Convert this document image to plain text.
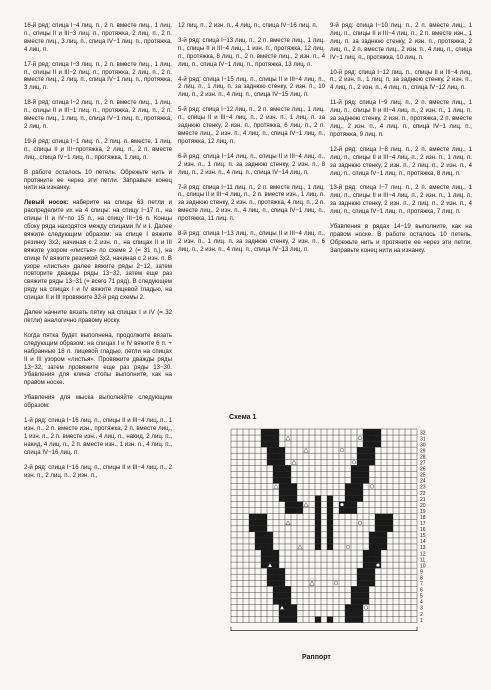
16-й ряд: спица I−4 лиц. п., 2 п. вместе лиц., 1 лиц. п., спицы II и III−3 лиц. п., протяжка, 2 лиц. п., 2 п. вместе лиц., 3 лиц. п., спица IV−1 лиц. п., протяжка, 4 лиц. п.

17-й ряд: спица I−3 лиц. п., 2 п. вместе лиц., 1 лиц. п., спицы II и III−2 лиц. п., протяжка, 2 лиц. п., 2 п. вместе лиц., 2 лиц. п., спица IV−1 лиц. п., протяжка, 3 лиц. п.

18-й ряд: спица I−2 лиц. п., 2 п. вместе лиц., 1 лиц. п., спицы II и III−1 лиц. п., протяжка, 2 лиц. п., 2 п. вместе лиц., 1 лиц. п., спица IV−1 лиц. п., протяжка, 2 лиц. п.

19-й ряд: спица I−1 лиц. п., 2 лиц. п. вместе, 1 лиц. п., спицы II и III−протяжка, 2 лиц. п., 2 п. вместе лиц., спица IV−1 лиц. п., протяжка, 1 лиц. п.

В работе осталось 10 петель. Обрежьте нить и протяните ее через эти петли. Заправьте конец нити на изнанку.

Левый носок: наберите на спицы 63 петли и распределите их на 4 спицы: на спицу I−17 п., на спицы II и IV−по 15 п., на спицу III−16 п. Концы сбоку ряда находятся между спицами IV и I. Далее вяжите следующим образом: на спице I вяжите резинку 3х2, начиная с 2 изн. п., на спицах II и III вяжите узором «листья» по схеме 2 (= 31 п.), на спице IV вяжите резинкой 3х2, начиная с 2 изн. п. В узоре «листья» далее вяжите ряды 2−12, затем повторите дважды ряды 13−32, затем еще раз свяжите ряды 13−31 (= всего 71 ряд). В следующем ряду на спицах I и IV вяжите лицевой гладью, на спицах II и III провяжите 32-й ряд схемы 2.

Далее начните вязать пятку на спицах I и IV (= 32 петли) аналогично правому носку.

Когда пятка будет выполнена, продолжите вязать следующим образом: на спицах I и IV вяжите 6 п. + набранные 18 п. лицевой гладью, петли на спицах II и III узором «листья». Провяжите дважды ряды 13−32, затем провяжите еще раз ряды 13−30. Убавления для клина стопы выполните, как на правом носке.

Убавления для мыска выполняйте следующим образом:

1-й ряд: спица I−16 лиц. п., спицы II и III−4 лиц. п., 1 изн. п., 2 п. вместе изн., протяжка, 2 п. вместе лиц., 1 изн. п., 2 п. вместе изн., 4 лиц. п., накид, 2 лиц. п., накид, 4 лиц. п., 2 п. вместе изн., 1 изн. п., 4 лиц. п., спица IV−16 лиц. п.

2-й ряд: спица I−16 лиц. п., спицы II и III−4 лиц. п., 2 изн. п., 2 лиц. п., 2 изн. п.,

12 лиц. п., 2 изн. п., 4 лиц. п., спица IV−16 лиц. п.

3-й ряд: спица I−13 лиц. п., 2 п. вместе лиц., 1 лиц. п., спицы II и III−4 лиц., 1 изн. п., протяжка, 12 лиц. п., протяжка, 8 лиц. п., 2 п. вместе лиц., 2 изн. п., 4 лиц. п., спица IV−1 лиц. п., протяжка, 13 лиц. п.

4-й ряд: спица I−15 лиц. п., спицы II и III−4 лиц. п., 2 лиц. п., 1 лиц. п. за заднюю стенку, 2 изн. п., 10 лиц. п., 2 изн. п., 4 лиц. п., спица IV−15 лиц. п.

5-й ряд: спица I−12 лиц. п., 2 п. вместе лиц., 1 лиц. п., спицы II и III−4 лиц. п., 2 изн. п., 1 лиц. п. за заднюю стенку, 2 изн. п., протяжка, 6 лиц. п., 2 п. вместе лиц., 2 изн. п., 4 лиц. п., спица IV−1 лиц. п., протяжка, 12 лиц. п.

6-й ряд: спица I−14 лиц. п., спицы II и III−4 лиц. п., 2 изн. п., 1 лиц. п. за заднюю стенку, 2 изн. п., 8 лиц. п., 2 изн. п., 4 лиц. п., спица IV−14 лиц. п.

7-й ряд: спица I−11 лиц. п., 2 п. вместе лиц., 1 лиц. п., спицы II и III−4 лиц. п., 2 п. вместе изн., 1 лиц. п. за заднюю стенку, 2 изн. п., протяжка, 4 лиц. п., 2 п. вместе лиц., 2 изн. п., 4 лиц. п., спица IV−1 лиц. п., протяжка, 11 лиц. п.

8-й ряд: спица I−13 лиц. п., спицы II и III−4 лиц. п., 2 изн. п., 1 лиц. п. за заднюю стенку, 2 изн. п., 6 лиц. п., 2 изн. п., 4 лиц. п., спица IV−13 лиц. п.

9-й ряд: спица I−10 лиц. п., 2 п. вместе лиц., 1 лиц. п., спицы II и III−4 лиц. п., 2 п. вместе изн., 1 лиц. п. за заднюю стенку, 2 изн. п., протяжка, 2 лиц. п., 2 п. вместе лиц., 2 изн. п., 4 лиц. п., спица IV−1 лиц. п., протяжка, 10 лиц. п.

10-й ряд: спица I−12 лиц. п., спицы II и III−4 лиц. п., 2 изн. п., 1 лиц. п. за заднюю стенку, 2 изн. п., 4 лиц. п., 2 изн. п., 4 лиц. п., спица IV−12 лиц. п.

11-й ряд: спица I−9 лиц. п., 2 п. вместе лиц., 1 лиц. п., спицы II и III−4 лиц. п., 2 изн. п., 1 лиц. п. за заднюю стенку, 2 изн. п., протяжка, 2 п. вместе лиц., 2 изн. п., 4 лиц. п., спица IV−1 лиц. п., протяжка, 9 лиц. п.

12-й ряд: спица I−8 лиц. п., 2 п. вместе лиц., 1 лиц. п., спицы II и III−4 лиц. п., 2 изн. п., 1 лиц. п. за заднюю стенку, 2 изн. п., 2 лиц. п., 2 изн. п., 4 лиц. п., спица IV−1 лиц. п., протяжка, 8 лиц. п.

13-й ряд: спица I−7 лиц. п., 2 п. вместе лиц., 1 лиц. п., спицы II и III−4 лиц. п., 2 изн. п., 1 лиц. п. за заднюю стенку, 2 изн. п., 2 лиц. п., 2 изн. п., 4 лиц. п., спица IV−1 лиц. п., протяжка, 7 лиц. п.

Убавления в рядах 14−19 выполните, как на правом носке. В работе осталось 10 петель. Обрежьте нить и протяните ее через эти петли. Заправьте конец нити на изнанку.

Схема 1
32
31
30
29
28
27
26
25
24
23
22
21
20
19
18
17
16
15
14
13
12
11
10
9
8
7
6
5
4
3
2
1
Раппорт
